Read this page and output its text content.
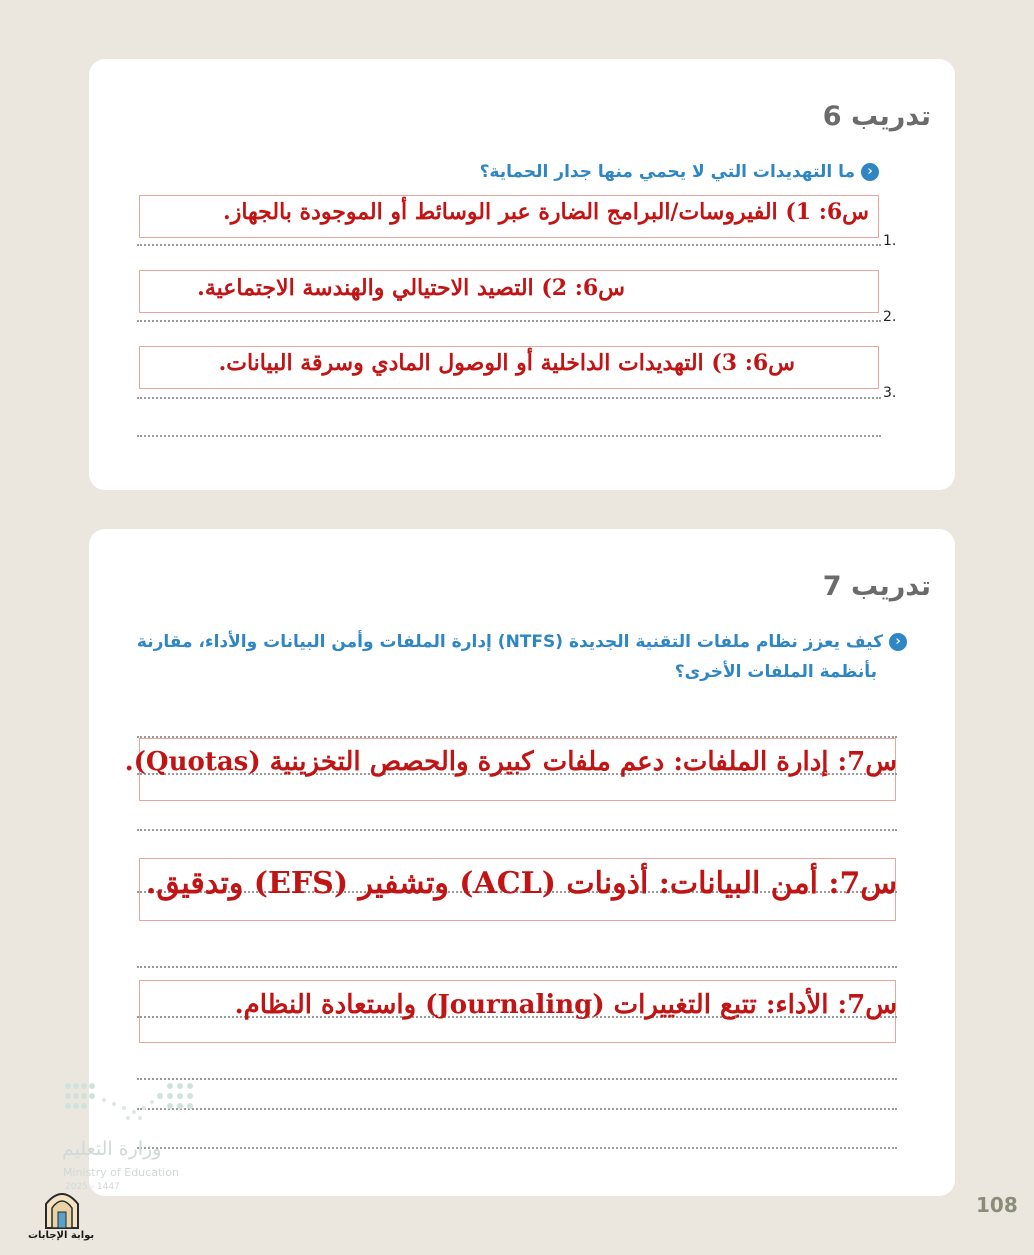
تدريب 6
‹ما التهديدات التي لا يحمي منها جدار الحماية؟
1.
2.
3.
س6: 1) الفيروسات/البرامج الضارة عبر الوسائط أو الموجودة بالجهاز.
س6: 2) التصيد الاحتيالي والهندسة الاجتماعية.
س6: 3) التهديدات الداخلية أو الوصول المادي وسرقة البيانات.
تدريب 7
‹كيف يعزز نظام ملفات التقنية الجديدة (NTFS) إدارة الملفات وأمن البيانات والأداء، مقارنة
بأنظمة الملفات الأخرى؟
س7: إدارة الملفات: دعم ملفات كبيرة والحصص التخزينية (Quotas).
س7: أمن البيانات: أذونات (ACL) وتشفير (EFS) وتدقيق.
س7: الأداء: تتبع التغييرات (Journaling) واستعادة النظام.
وزارة التعليم
Ministry of Education
2025 - 1447
بوابة الإجابات
108
